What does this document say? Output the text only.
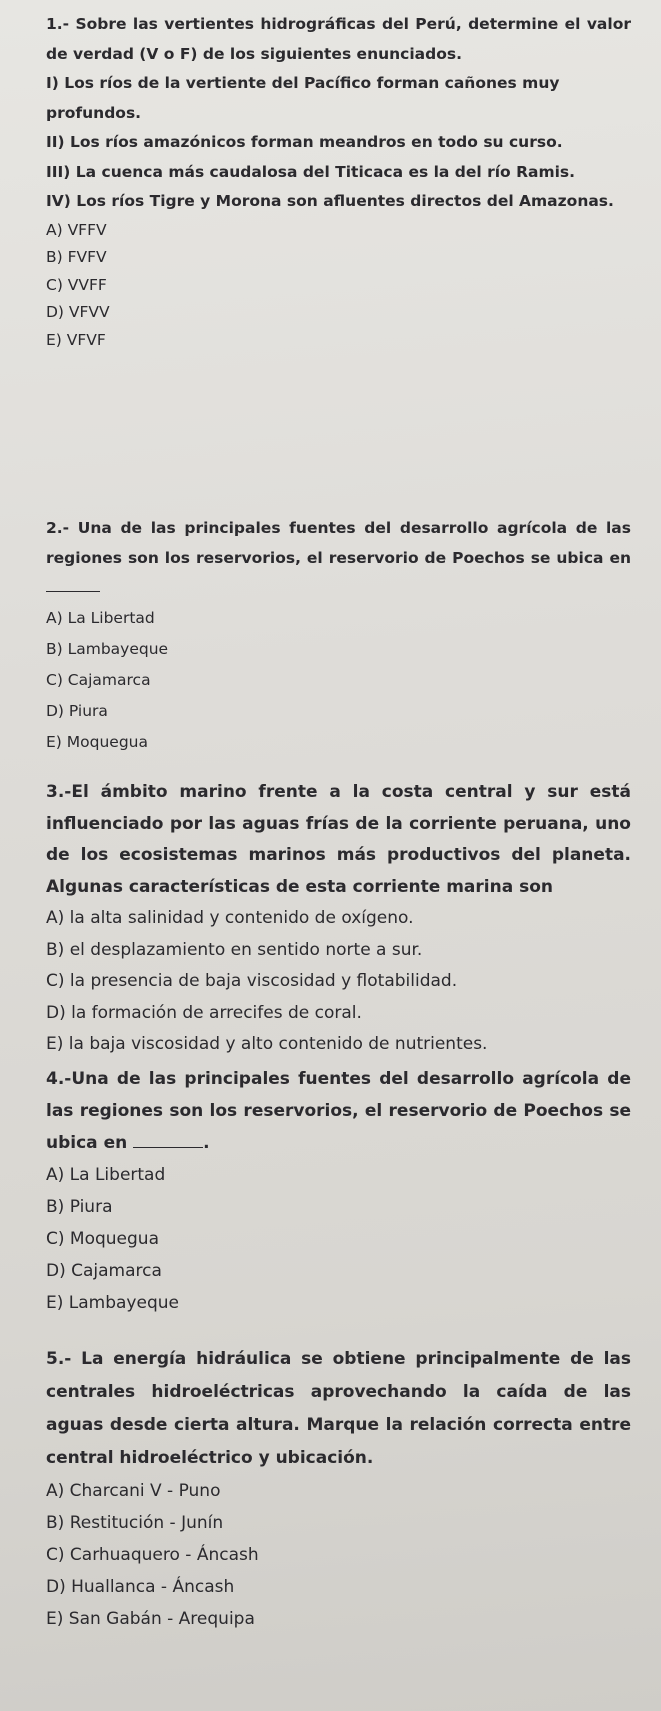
1.- Sobre las vertientes hidrográficas del Perú, determine el valor de verdad (V o F) de los siguientes enunciados.

I) Los ríos de la vertiente del Pacífico forman cañones muy profundos.

II) Los ríos amazónicos forman meandros en todo su curso.

III) La cuenca más caudalosa del Titicaca es la del río Ramis.

IV) Los ríos Tigre y Morona son afluentes directos del Amazonas.

A) VFFV

B) FVFV

C) VVFF

D) VFVV

E) VFVF

2.- Una de las principales fuentes del desarrollo agrícola de las regiones son los reservorios, el reservorio de Poechos se ubica en

A) La Libertad

B) Lambayeque

C) Cajamarca

D) Piura

E) Moquegua

3.-El ámbito marino frente a la costa central y sur está influenciado por las aguas frías de la corriente peruana, uno de los ecosistemas marinos más productivos del planeta. Algunas características de esta corriente marina son

A) la alta salinidad y contenido de oxígeno.

B) el desplazamiento en sentido norte a sur.

C) la presencia de baja viscosidad y flotabilidad.

D) la formación de arrecifes de coral.

E) la baja viscosidad y alto contenido de nutrientes.

4.-Una de las principales fuentes del desarrollo agrícola de las regiones son los reservorios, el reservorio de Poechos se ubica en	.

A) La Libertad

B) Piura

C) Moquegua

D) Cajamarca

E) Lambayeque

5.- La energía hidráulica se obtiene principalmente de las centrales hidroeléctricas aprovechando la caída de las aguas desde cierta altura. Marque la relación correcta entre central hidroeléctrico y ubicación.

A) Charcani V - Puno

B) Restitución - Junín

C) Carhuaquero - Áncash

D) Huallanca - Áncash

E) San Gabán - Arequipa
